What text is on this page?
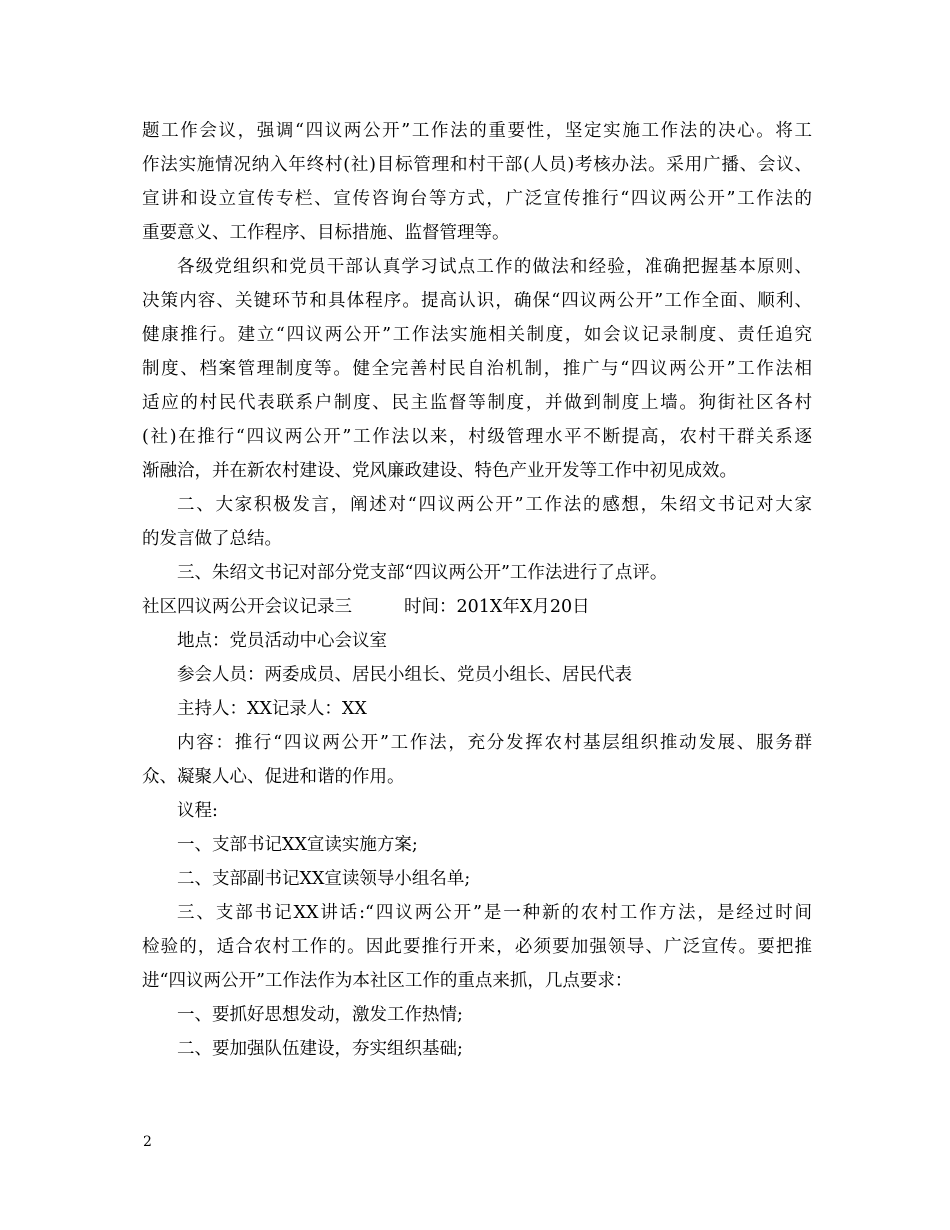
题工作会议，强调“四议两公开”工作法的重要性，坚定实施工作法的决心。将工
作法实施情况纳入年终村(社)目标管理和村干部(人员)考核办法。采用广播、会议、
宣讲和设立宣传专栏、宣传咨询台等方式，广泛宣传推行“四议两公开”工作法的
重要意义、工作程序、目标措施、监督管理等。
各级党组织和党员干部认真学习试点工作的做法和经验，准确把握基本原则、
决策内容、关键环节和具体程序。提高认识，确保“四议两公开”工作全面、顺利、
健康推行。建立“四议两公开”工作法实施相关制度，如会议记录制度、责任追究
制度、档案管理制度等。健全完善村民自治机制，推广与“四议两公开”工作法相
适应的村民代表联系户制度、民主监督等制度，并做到制度上墙。狗街社区各村
(社)在推行“四议两公开”工作法以来，村级管理水平不断提高，农村干群关系逐
渐融洽，并在新农村建设、党风廉政建设、特色产业开发等工作中初见成效。
二、大家积极发言，阐述对“四议两公开”工作法的感想，朱绍文书记对大家
的发言做了总结。
三、朱绍文书记对部分党支部“四议两公开”工作法进行了点评。
社区四议两公开会议记录三	时间：201X年X月20日
地点：党员活动中心会议室
参会人员：两委成员、居民小组长、党员小组长、居民代表
主持人：XX记录人：XX
内容：推行“四议两公开”工作法，充分发挥农村基层组织推动发展、服务群
众、凝聚人心、促进和谐的作用。
议程:
一、支部书记XX宣读实施方案;
二、支部副书记XX宣读领导小组名单;
三、支部书记XX讲话:“四议两公开”是一种新的农村工作方法，是经过时间
检验的，适合农村工作的。因此要推行开来，必须要加强领导、广泛宣传。要把推
进“四议两公开”工作法作为本社区工作的重点来抓，几点要求：
一、要抓好思想发动，激发工作热情;
二、要加强队伍建设，夯实组织基础;
2
